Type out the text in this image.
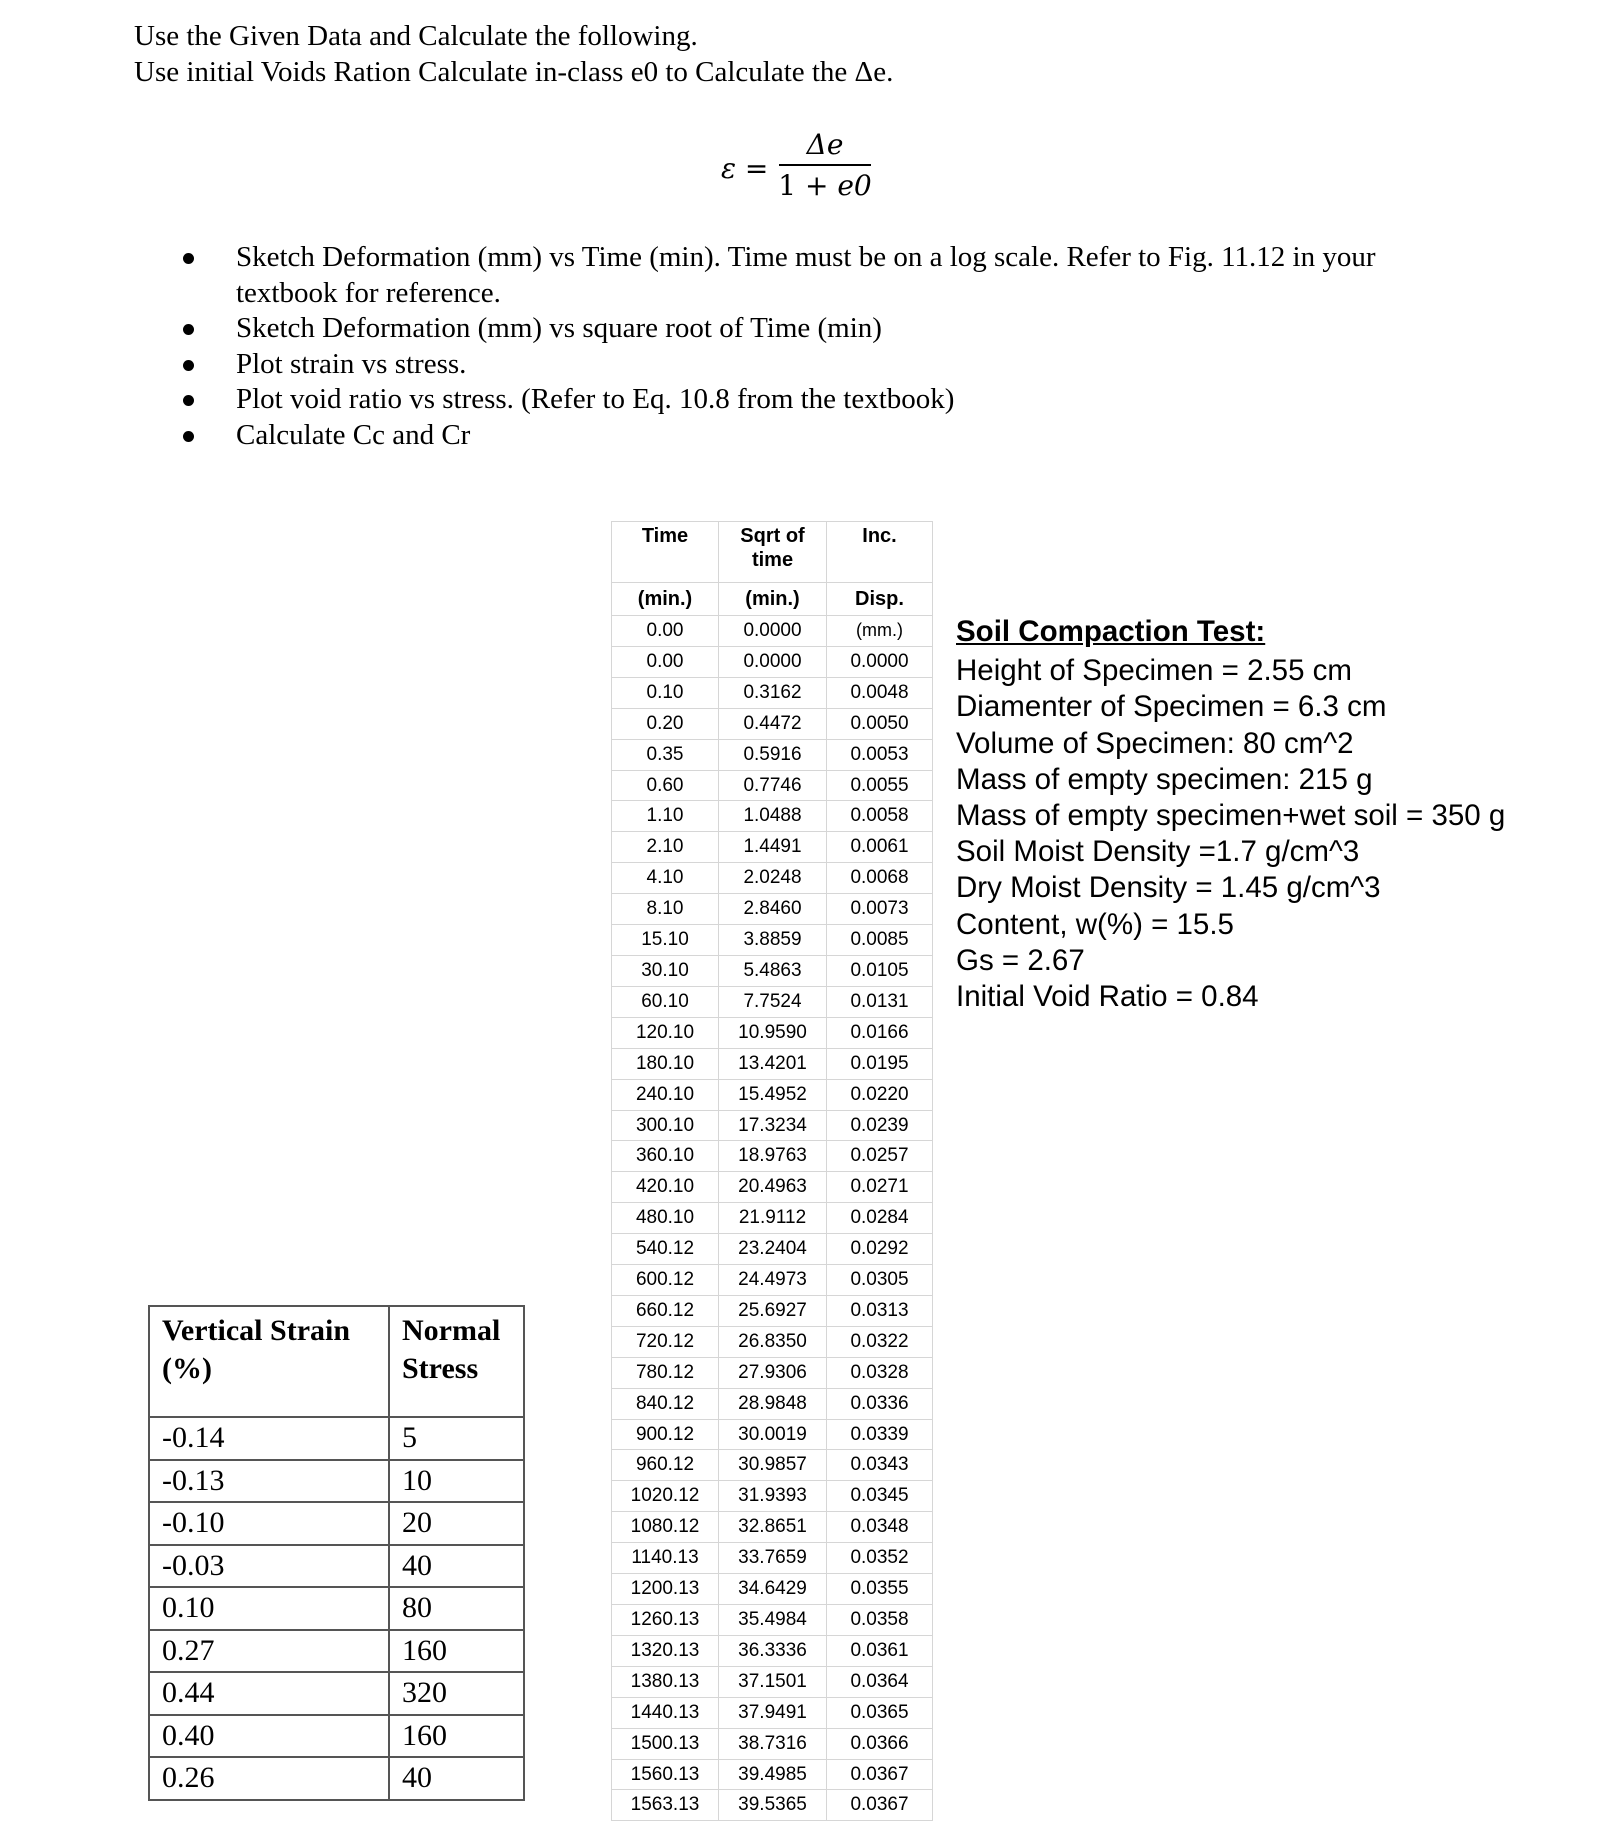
Use the Given Data and Calculate the following.
Use initial Voids Ration Calculate in-class e0 to Calculate the Δe.
ε =
Δe
1 + e0
Sketch Deformation (mm) vs Time (min). Time must be on a log scale. Refer to Fig. 11.12 in your textbook for reference.
Sketch Deformation (mm) vs square root of Time (min)
Plot strain vs stress.
Plot void ratio vs stress. (Refer to Eq. 10.8 from the textbook)
Calculate Cc and Cr
Time	Sqrt of time	Inc.
(min.)	(min.)	Disp.
0.00	0.0000	(mm.)
0.00	0.0000	0.0000
0.10	0.3162	0.0048
0.20	0.4472	0.0050
0.35	0.5916	0.0053
0.60	0.7746	0.0055
1.10	1.0488	0.0058
2.10	1.4491	0.0061
4.10	2.0248	0.0068
8.10	2.8460	0.0073
15.10	3.8859	0.0085
30.10	5.4863	0.0105
60.10	7.7524	0.0131
120.10	10.9590	0.0166
180.10	13.4201	0.0195
240.10	15.4952	0.0220
300.10	17.3234	0.0239
360.10	18.9763	0.0257
420.10	20.4963	0.0271
480.10	21.9112	0.0284
540.12	23.2404	0.0292
600.12	24.4973	0.0305
660.12	25.6927	0.0313
720.12	26.8350	0.0322
780.12	27.9306	0.0328
840.12	28.9848	0.0336
900.12	30.0019	0.0339
960.12	30.9857	0.0343
1020.12	31.9393	0.0345
1080.12	32.8651	0.0348
1140.13	33.7659	0.0352
1200.13	34.6429	0.0355
1260.13	35.4984	0.0358
1320.13	36.3336	0.0361
1380.13	37.1501	0.0364
1440.13	37.9491	0.0365
1500.13	38.7316	0.0366
1560.13	39.4985	0.0367
1563.13	39.5365	0.0367
Soil Compaction Test:
Height of Specimen = 2.55 cm
Diamenter of Specimen = 6.3 cm
Volume of Specimen: 80 cm^2
Mass of empty specimen: 215 g
Mass of empty specimen+wet soil = 350 g
Soil Moist Density =1.7 g/cm^3
Dry Moist Density = 1.45 g/cm^3
Content, w(%) = 15.5
Gs = 2.67
Initial Void Ratio = 0.84
Vertical Strain (%)	Normal Stress
-0.14	5
-0.13	10
-0.10	20
-0.03	40
0.10	80
0.27	160
0.44	320
0.40	160
0.26	40
